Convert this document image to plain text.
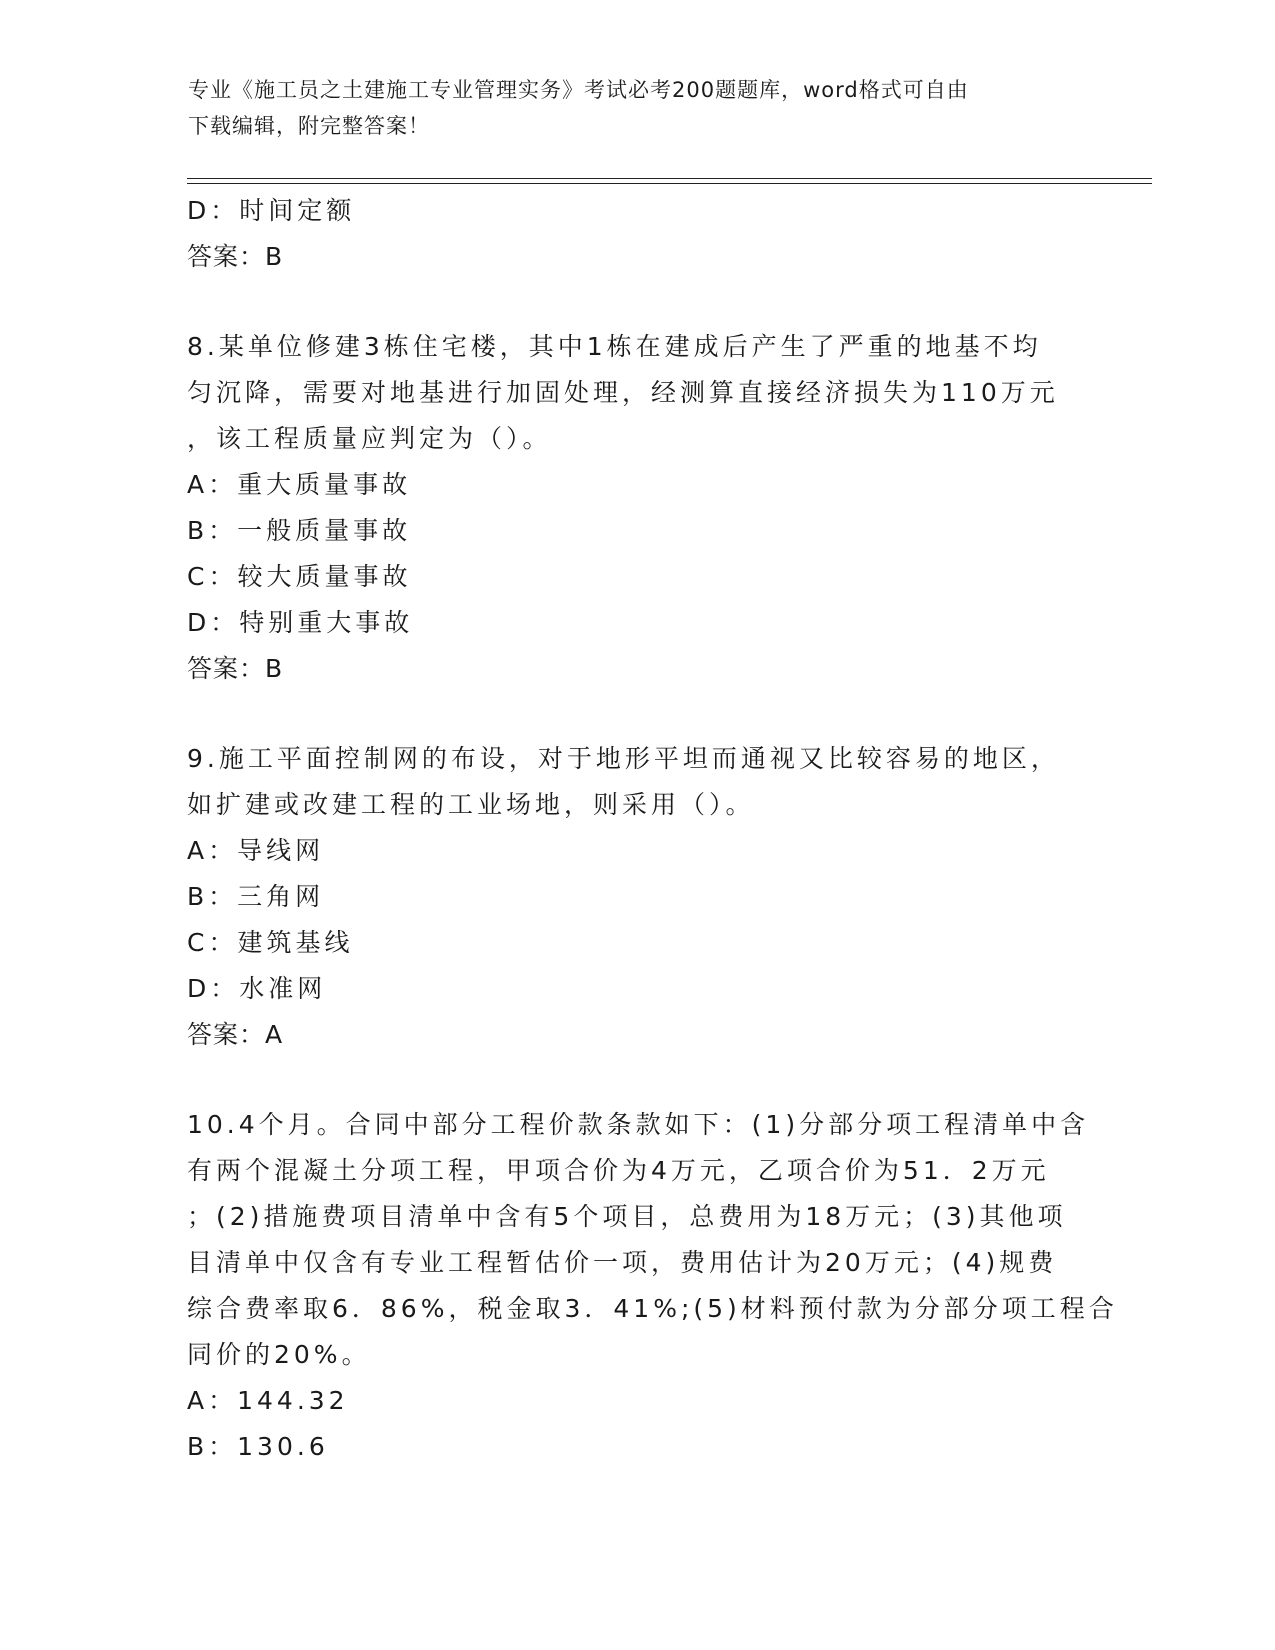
专业《施工员之土建施工专业管理实务》考试必考200题题库，word格式可自由
下载编辑，附完整答案！
D：时间定额
答案：B
8.某单位修建3栋住宅楼，其中1栋在建成后产生了严重的地基不均
匀沉降，需要对地基进行加固处理，经测算直接经济损失为110万元
，该工程质量应判定为（）。
A：重大质量事故
B：一般质量事故
C：较大质量事故
D：特别重大事故
答案：B
9.施工平面控制网的布设，对于地形平坦而通视又比较容易的地区，
如扩建或改建工程的工业场地，则采用（）。
A：导线网
B：三角网
C：建筑基线
D：水准网
答案：A
10.4个月。合同中部分工程价款条款如下：(1)分部分项工程清单中含
有两个混凝土分项工程，甲项合价为4万元，乙项合价为51．2万元
；(2)措施费项目清单中含有5个项目，总费用为18万元；(3)其他项
目清单中仅含有专业工程暂估价一项，费用估计为20万元；(4)规费
综合费率取6．86%，税金取3．41%;(5)材料预付款为分部分项工程合
同价的20%。
A：144.32
B：130.6
